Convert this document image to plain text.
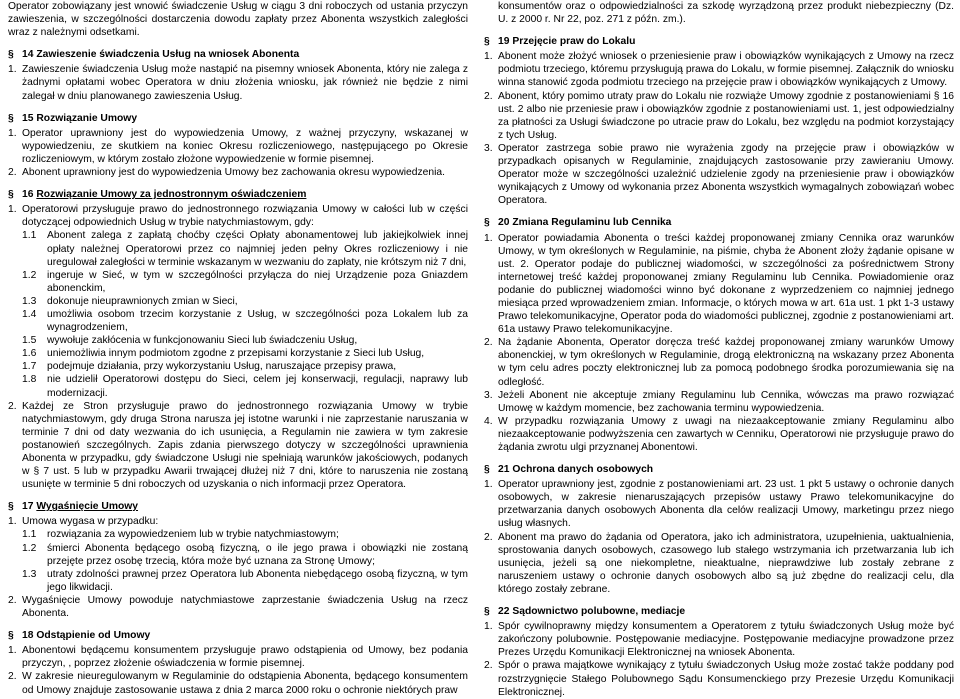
Operator zobowiązany jest wnowić świadczenie Usług w ciągu 3 dni roboczych od ustania przyczyn zawieszenia, w szczególności dostarczenia dowodu zapłaty przez Abonenta wszystkich zaległości wraz z należnymi odsetkami.

§ 14 Zawieszenie świadczenia Usług na wniosek Abonenta
1. Zawieszenie świadczenia Usług może nastąpić na pisemny wniosek Abonenta, który nie zalega z żadnymi opłatami wobec Operatora w dniu złożenia wniosku, jak również nie będzie z nimi zalegał w dniu planowanego zawieszenia Usług.
§ 15 Rozwiązanie Umowy
1. Operator uprawniony jest do wypowiedzenia Umowy, z ważnej przyczyny, wskazanej w wypowiedzeniu, ze skutkiem na koniec Okresu rozliczeniowego, następującego po Okresie rozliczeniowym, w którym zostało złożone wypowiedzenie w formie pisemnej.
2. Abonent uprawniony jest do wypowiedzenia Umowy bez zachowania okresu wypowiedzenia.
§ 16 Rozwiązanie Umowy za jednostronnym oświadczeniem
1. Operatorowi przysługuje prawo do jednostronnego rozwiązania Umowy w całości lub w części dotyczącej odpowiednich Usług w trybie natychmiastowym, gdy:
1.1 Abonent zalega z zapłatą choćby części Opłaty abonamentowej lub jakiejkolwiek innej opłaty należnej Operatorowi przez co najmniej jeden pełny Okres rozliczeniowy i nie uregulował zaległości w terminie wskazanym w wezwaniu do zapłaty, nie krótszym niż 7 dni,
1.2 ingeruje w Sieć, w tym w szczególności przyłącza do niej Urządzenie poza Gniazdem abonenckim,
1.3 dokonuje nieuprawnionych zmian w Sieci,
1.4 umożliwia osobom trzecim korzystanie z Usług, w szczególności poza Lokalem lub za wynagrodzeniem,
1.5 wywołuje zakłócenia w funkcjonowaniu Sieci lub świadczeniu Usług,
1.6 uniemożliwia innym podmiotom zgodne z przepisami korzystanie z Sieci lub Usług,
1.7 podejmuje działania, przy wykorzystaniu Usług, naruszające przepisy prawa,
1.8 nie udzielił Operatorowi dostępu do Sieci, celem jej konserwacji, regulacji, naprawy lub modernizacji.
2. Każdej ze Stron przysługuje prawo do jednostronnego rozwiązania Umowy w trybie natychmiastowym, gdy druga Strona narusza jej istotne warunki i nie zaprzestanie naruszania w terminie 7 dni od daty wezwania do ich usunięcia, a Regulamin nie zawiera w tym zakresie postanowień szczególnych. Zapis zdania pierwszego dotyczy w szczególności uprawnienia Abonenta w przypadku, gdy świadczone Usługi nie spełniają warunków jakościowych, podanych w § 7 ust. 5 lub w przypadku Awarii trwającej dłużej niż 7 dni, które to naruszenia nie zostaną usunięte w terminie 5 dni roboczych od uzyskania o nich informacji przez Operatora.
§ 17 Wygaśnięcie Umowy
1. Umowa wygasa w przypadku:
1.1 rozwiązania za wypowiedzeniem lub w trybie natychmiastowym;
1.2 śmierci Abonenta będącego osobą fizyczną, o ile jego prawa i obowiązki nie zostaną przejęte przez osobę trzecią, która może być uznana za Stronę Umowy;
1.3 utraty zdolności prawnej przez Operatora lub Abonenta niebędącego osobą fizyczną, w tym jego likwidacji.
2. Wygaśnięcie Umowy powoduje natychmiastowe zaprzestanie świadczenia Usług na rzecz Abonenta.
§ 18 Odstąpienie od Umowy
1. Abonentowi będącemu konsumentem przysługuje prawo odstąpienia od Umowy, bez podania przyczyn, , poprzez złożenie oświadczenia w formie pisemnej.
2. W zakresie nieuregulowanym w Regulaminie do odstąpienia Abonenta, będącego konsumentem od Umowy znajduje zastosowanie ustawa z dnia 2 marca 2000 roku o ochronie niektórych praw

konsumentów oraz o odpowiedzialności za szkodę wyrządzoną przez produkt niebezpieczny (Dz. U. z 2000 r. Nr 22, poz. 271 z późn. zm.).

§ 19 Przejęcie praw do Lokalu
1. Abonent może złożyć wniosek o przeniesienie praw i obowiązków wynikających z Umowy na rzecz podmiotu trzeciego, któremu przysługują prawa do Lokalu, w formie pisemnej. Załącznik do wniosku winna stanowić zgoda podmiotu trzeciego na przejęcie praw i obowiązków wynikających z Umowy.
2. Abonent, który pomimo utraty praw do Lokalu nie rozwiąże Umowy zgodnie z postanowieniami § 16 ust. 2 albo nie przeniesie praw i obowiązków zgodnie z postanowieniami ust. 1, jest odpowiedzialny za płatności za Usługi świadczone po utracie praw do Lokalu, bez względu na podmiot korzystający z tych Usług.
3. Operator zastrzega sobie prawo nie wyrażenia zgody na przejęcie praw i obowiązków w przypadkach opisanych w Regulaminie, znajdujących zastosowanie przy zawieraniu Umowy. Operator może w szczególności uzależnić udzielenie zgody na przeniesienie praw i obowiązków wynikających z Umowy od wykonania przez Abonenta wszystkich wymagalnych zobowiązań wobec Operatora.
§ 20 Zmiana Regulaminu lub Cennika
1. Operator powiadamia Abonenta o treści każdej proponowanej zmiany Cennika oraz warunków Umowy, w tym określonych w Regulaminie, na piśmie, chyba że Abonent złoży żądanie opisane w ust. 2. Operator podaje do publicznej wiadomości, w szczególności za pośrednictwem Strony internetowej treść każdej proponowanej zmiany Regulaminu lub Cennika. Powiadomienie oraz podanie do publicznej wiadomości winno być dokonane z wyprzedzeniem co najmniej jednego miesiąca przed wprowadzeniem zmian. Informacje, o których mowa w art. 61a ust. 1 pkt 1-3 ustawy Prawo telekomunikacyjne, Operator poda do wiadomości publicznej, zgodnie z postanowieniami art. 61a ustawy Prawo telekomunikacyjne.
2. Na żądanie Abonenta, Operator doręcza treść każdej proponowanej zmiany warunków Umowy abonenckiej, w tym określonych w Regulaminie, drogą elektroniczną na wskazany przez Abonenta w tym celu adres poczty elektronicznej lub za pomocą podobnego środka porozumiewania się na odległość.
3. Jeżeli Abonent nie akceptuje zmiany Regulaminu lub Cennika, wówczas ma prawo rozwiązać Umowę w każdym momencie, bez zachowania terminu wypowiedzenia.
4. W przypadku rozwiązania Umowy z uwagi na niezaakceptowanie zmiany Regulaminu albo niezaakceptowanie podwyższenia cen zawartych w Cenniku, Operatorowi nie przysługuje prawo do żądania zwrotu ulgi przyznanej Abonentowi.
§ 21 Ochrona danych osobowych
1. Operator uprawniony jest, zgodnie z postanowieniami art. 23 ust. 1 pkt 5 ustawy o ochronie danych osobowych, w zakresie nienaruszających przepisów ustawy Prawo telekomunikacyjne do przetwarzania danych osobowych Abonenta dla celów realizacji Umowy, marketingu przez niego usług własnych.
2. Abonent ma prawo do żądania od Operatora, jako ich administratora, uzupełnienia, uaktualnienia, sprostowania danych osobowych, czasowego lub stałego wstrzymania ich przetwarzania lub ich usunięcia, jeżeli są one niekompletne, nieaktualne, nieprawdziwe lub zostały zebrane z naruszeniem ustawy o ochronie danych osobowych albo są już zbędne do realizacji celu, dla którego zostały zebrane.
§ 22 Sądownictwo polubowne, mediacje
1. Spór cywilnoprawny między konsumentem a Operatorem z tytułu świadczonych Usług może być zakończony polubownie. Postępowanie mediacyjne. Postępowanie mediacyjne prowadzone przez Prezes Urzędu Komunikacji Elektronicznej na wniosek Abonenta.
2. Spór o prawa majątkowe wynikający z tytułu świadczonych Usług może zostać także poddany pod rozstrzygnięcie Stałego Polubownego Sądu Konsumenckiego przy Prezesie Urzędu Komunikacji Elektronicznej.
